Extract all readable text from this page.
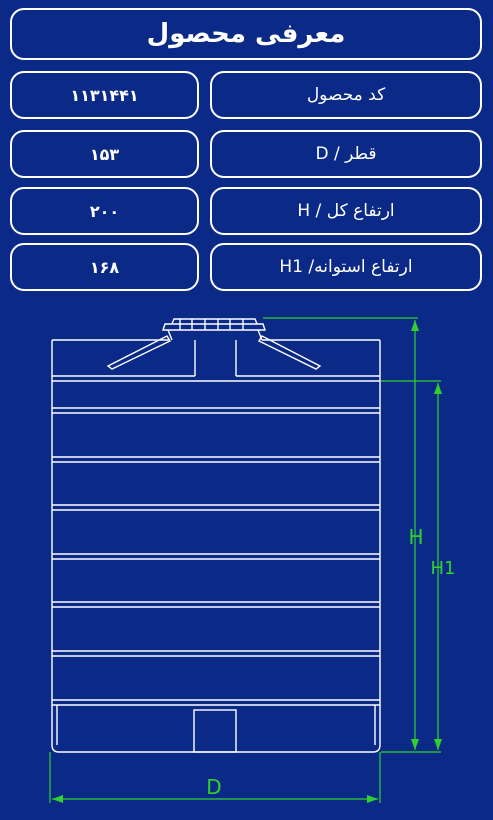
معرفی محصول
۱۱۳۱۴۴۱	کد محصول
۱۵۳	قطر / D
۲۰۰	ارتفاع کل / H
۱۶۸	ارتفاع استوانه/ H1
H
H1
D
